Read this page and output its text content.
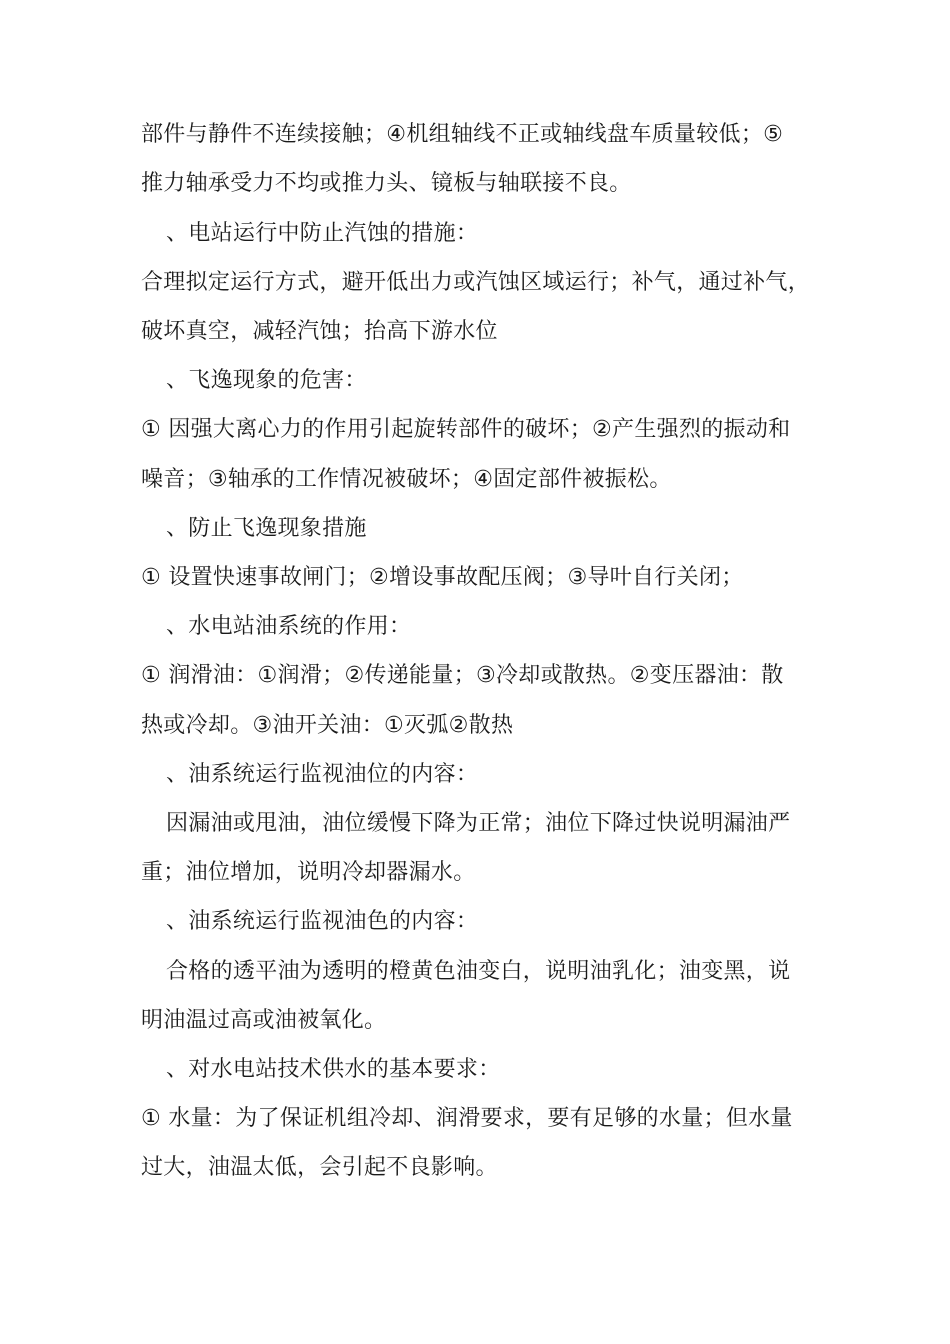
部件与静件不连续接触；④机组轴线不正或轴线盘车质量较低；⑤
推力轴承受力不均或推力头、镜板与轴联接不良。
、电站运行中防止汽蚀的措施：
合理拟定运行方式，避开低出力或汽蚀区域运行；补气，通过补气，
破坏真空，减轻汽蚀；抬高下游水位
、飞逸现象的危害：
① 因强大离心力的作用引起旋转部件的破坏；②产生强烈的振动和
噪音；③轴承的工作情况被破坏；④固定部件被振松。
、防止飞逸现象措施
① 设置快速事故闸门；②增设事故配压阀；③导叶自行关闭；
、水电站油系统的作用：
① 润滑油：①润滑；②传递能量；③冷却或散热。②变压器油：散
热或冷却。③油开关油：①灭弧②散热
、油系统运行监视油位的内容：
因漏油或甩油，油位缓慢下降为正常；油位下降过快说明漏油严
重；油位增加，说明冷却器漏水。
、油系统运行监视油色的内容：
合格的透平油为透明的橙黄色油变白，说明油乳化；油变黑，说
明油温过高或油被氧化。
、对水电站技术供水的基本要求：
① 水量：为了保证机组冷却、润滑要求，要有足够的水量；但水量
过大，油温太低，会引起不良影响。
